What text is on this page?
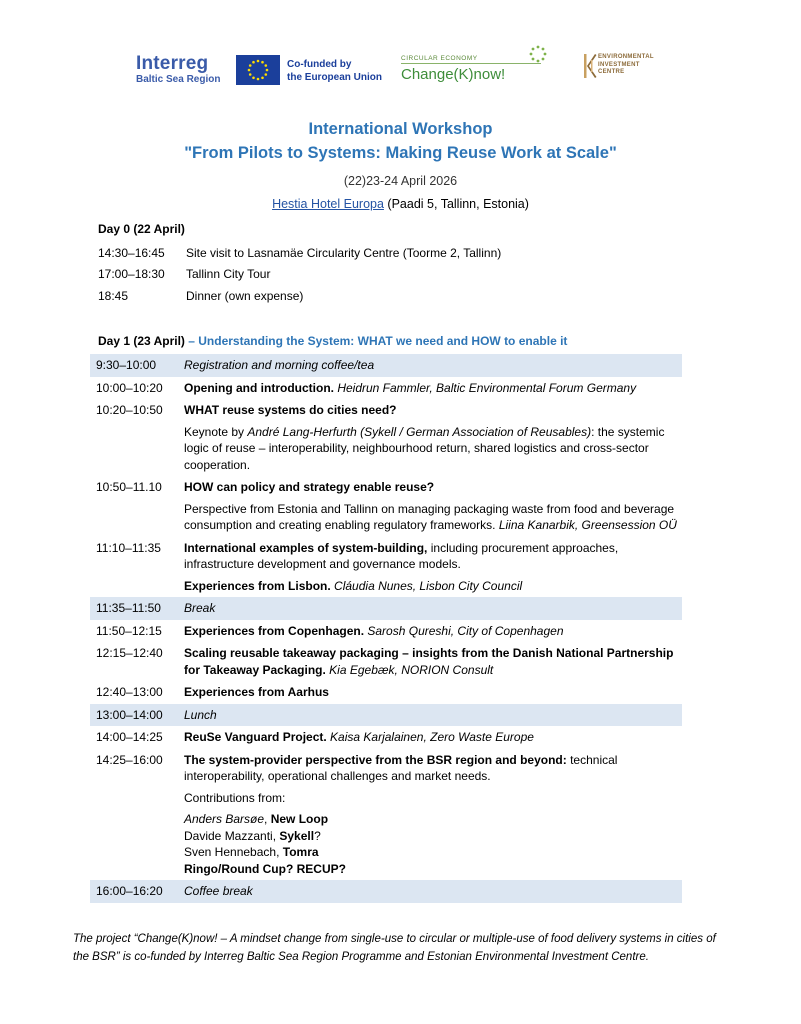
Interreg
Baltic Sea Region
Co-funded by
the European Union
CIRCULAR ECONOMY
Change(K)now!
ENVIRONMENTAL
INVESTMENT
CENTRE
International Workshop
"From Pilots to Systems: Making Reuse Work at Scale"
(22)23-24 April 2026
Hestia Hotel Europa (Paadi 5, Tallinn, Estonia)
Day 0 (22 April)
14:30–16:45	Site visit to Lasnamäe Circularity Centre (Toorme 2, Tallinn)
17:00–18:30	Tallinn City Tour
18:45	Dinner (own expense)
Day 1 (23 April) – Understanding the System: WHAT we need and HOW to enable it
9:30–10:00	Registration and morning coffee/tea
10:00–10:20	Opening and introduction. Heidrun Fammler, Baltic Environmental Forum Germany
10:20–10:50	WHAT reuse systems do cities need?
	Keynote by André Lang-Herfurth (Sykell / German Association of Reusables): the systemic logic of reuse – interoperability, neighbourhood return, shared logistics and cross-sector cooperation.
10:50–11.10	HOW can policy and strategy enable reuse?
	Perspective from Estonia and Tallinn on managing packaging waste from food and beverage consumption and creating enabling regulatory frameworks. Liina Kanarbik, Greensession OÜ
11:10–11:35	International examples of system-building, including procurement approaches, infrastructure development and governance models.
	Experiences from Lisbon. Cláudia Nunes, Lisbon City Council
11:35–11:50	Break
11:50–12:15	Experiences from Copenhagen. Sarosh Qureshi, City of Copenhagen
12:15–12:40	Scaling reusable takeaway packaging – insights from the Danish National Partnership for Takeaway Packaging. Kia Egebæk, NORION Consult
12:40–13:00	Experiences from Aarhus
13:00–14:00	Lunch
14:00–14:25	ReuSe Vanguard Project. Kaisa Karjalainen, Zero Waste Europe
14:25–16:00	The system-provider perspective from the BSR region and beyond: technical interoperability, operational challenges and market needs.
	Contributions from:

	Anders Barsøe, New Loop
Davide Mazzanti, Sykell?
Sven Hennebach, Tomra
Ringo/Round Cup? RECUP?

16:00–16:20	Coffee break
The project “Change(K)now! – A mindset change from single-use to circular or multiple-use of food delivery systems in cities of the BSR” is co-funded by Interreg Baltic Sea Region Programme and Estonian Environmental Investment Centre.
